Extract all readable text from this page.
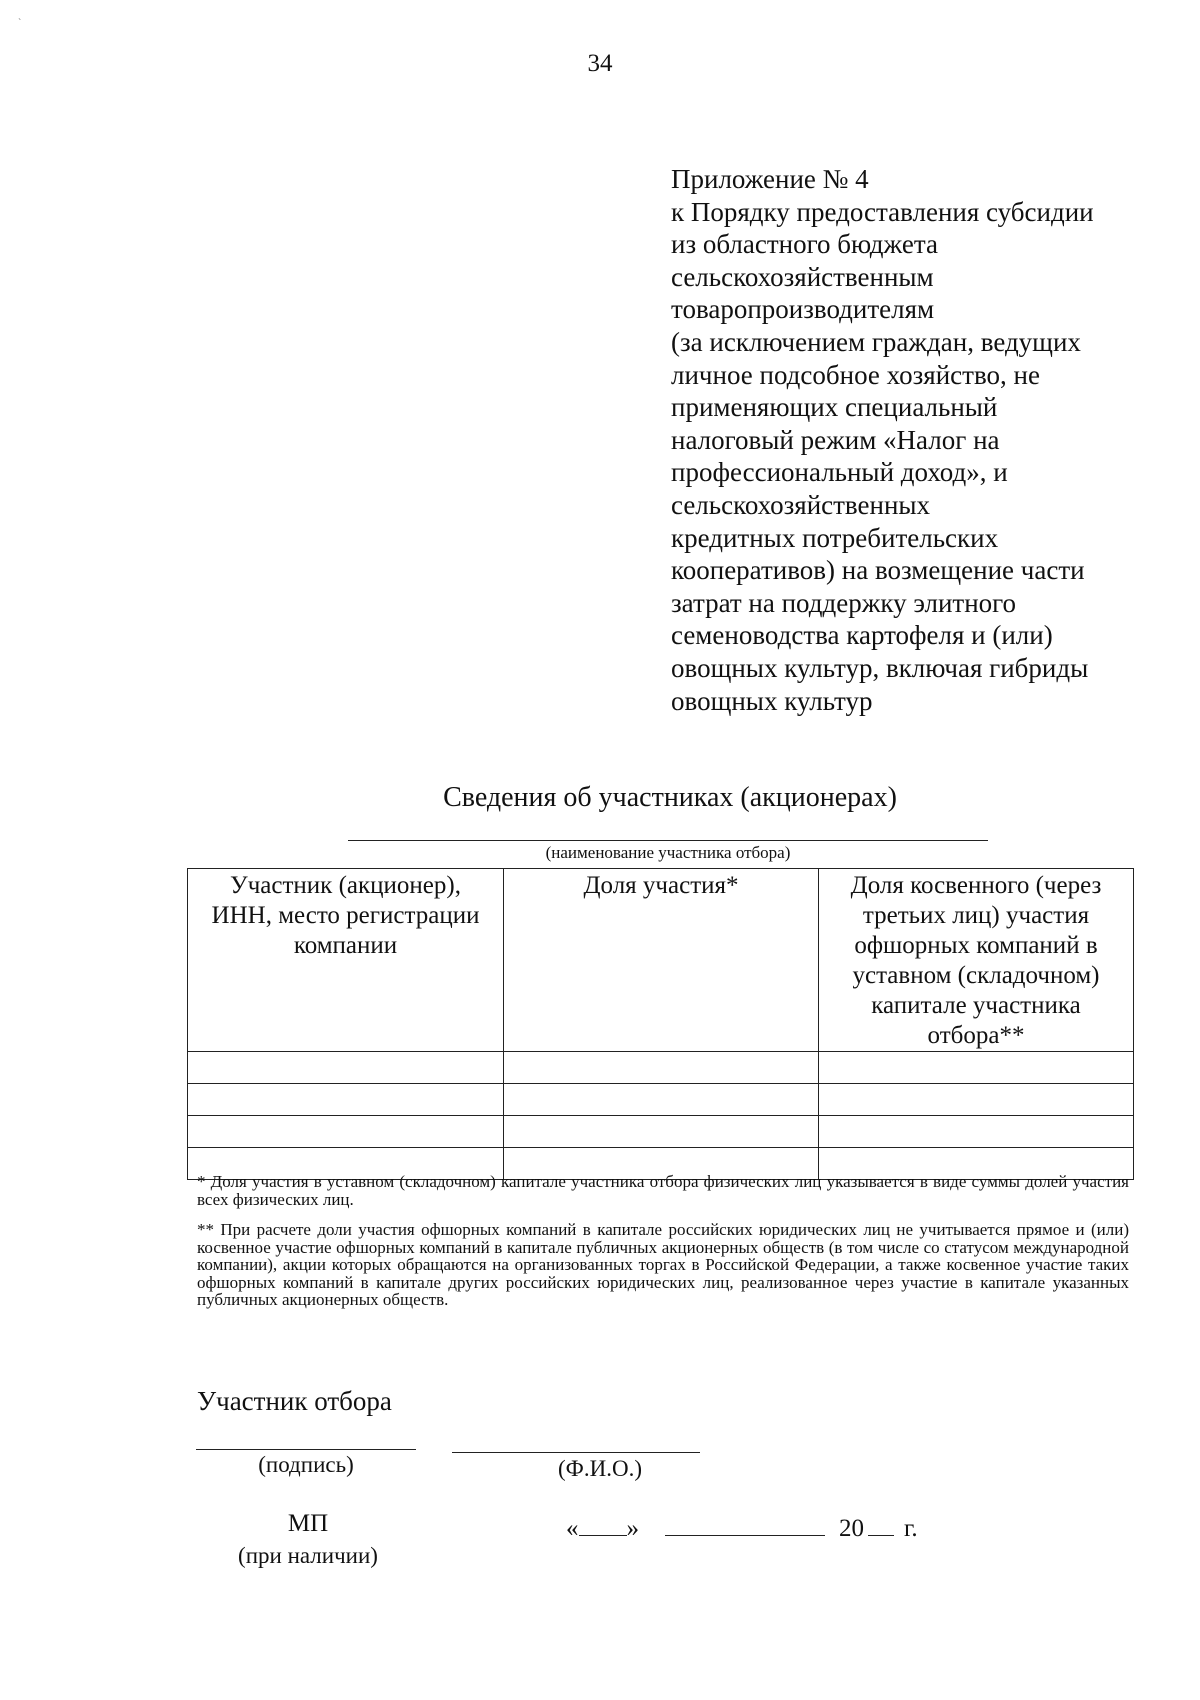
`
34
Приложение № 4
к Порядку предоставления субсидии
из областного бюджета
сельскохозяйственным
товаропроизводителям
(за исключением граждан, ведущих
личное подсобное хозяйство, не
применяющих специальный
налоговый режим «Налог на
профессиональный доход», и
сельскохозяйственных
кредитных потребительских
кооперативов) на возмещение части
затрат на поддержку элитного
семеноводства картофеля и (или)
овощных культур, включая гибриды
овощных культур
Сведения об участниках (акционерах)
(наименование участника отбора)
Участник (акционер), ИНН, место регистрации компании	Доля участия*	Доля косвенного (через третьих лиц) участия офшорных компаний в уставном (складочном) капитале участника отбора**

* Доля участия в уставном (складочном) капитале участника отбора физических лиц указывается в виде суммы долей участия всех физических лиц.
** При расчете доли участия офшорных компаний в капитале российских юридических лиц не учитывается прямое и (или) косвенное участие офшорных компаний в капитале публичных акционерных обществ (в том числе со статусом международной компании), акции которых обращаются на организованных торгах в Российской Федерации, а также косвенное участие таких офшорных компаний в капитале других российских юридических лиц, реализованное через участие в капитале указанных публичных акционерных обществ.
Участник отбора
(подпись)	(Ф.И.О.)
МП
(при наличии)
« »	20 г.
